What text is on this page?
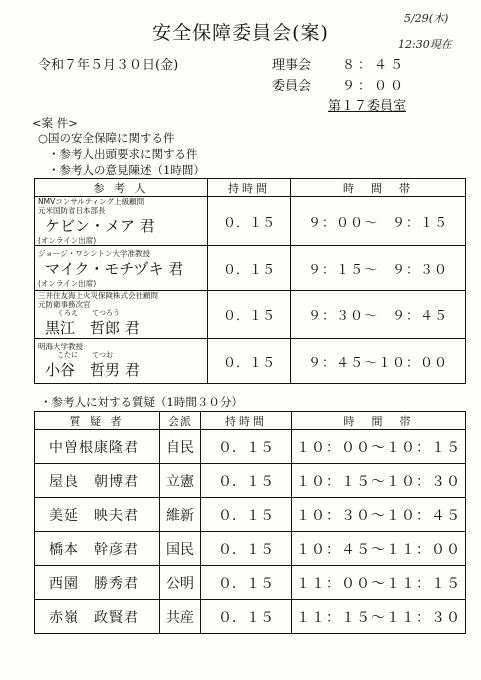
安全保障委員会(案)
5/29(木)
12:30現在
令和７年５月３０日(金)	理事会 ８：４５
委員会 ９：００
第１７委員室
<案 件>
○国の安全保障に関する件
・参考人出頭要求に関する件
・参考人の意見陳述（1時間）
参 考 人	持時間	時　間　帯

NMVコンサルティング上級顧問
元米国防省日本部長
ケビン・メア 君
(オンライン出席)	０．１５	９：００〜　９：１５

ジョージ・ワシントン大学准教授
マイク・モチヅキ 君
(オンライン出席)	０．１５	９：１５〜　９：３０

三井住友海上火災保険株式会社顧問
元防衛事務次官
くろえ　　てつろう
黒江　哲郎 君	０．１５	９：３０〜　９：４５

明海大学教授
こたに　　てつお
小谷　哲男 君	０．１５	９：４５〜１０：００
・参考人に対する質疑（1時間３０分）
質 疑 者	会派	持時間	時　間　帯
中曽根康隆君	自民	０．１５	１０：００〜１０：１５
屋良　朝博君	立憲	０．１５	１０：１５〜１０：３０
美延　映夫君	維新	０．１５	１０：３０〜１０：４５
橋本　幹彦君	国民	０．１５	１０：４５〜１１：００
西園　勝秀君	公明	０．１５	１１：００〜１１：１５
赤嶺　政賢君	共産	０．１５	１１：１５〜１１：３０
